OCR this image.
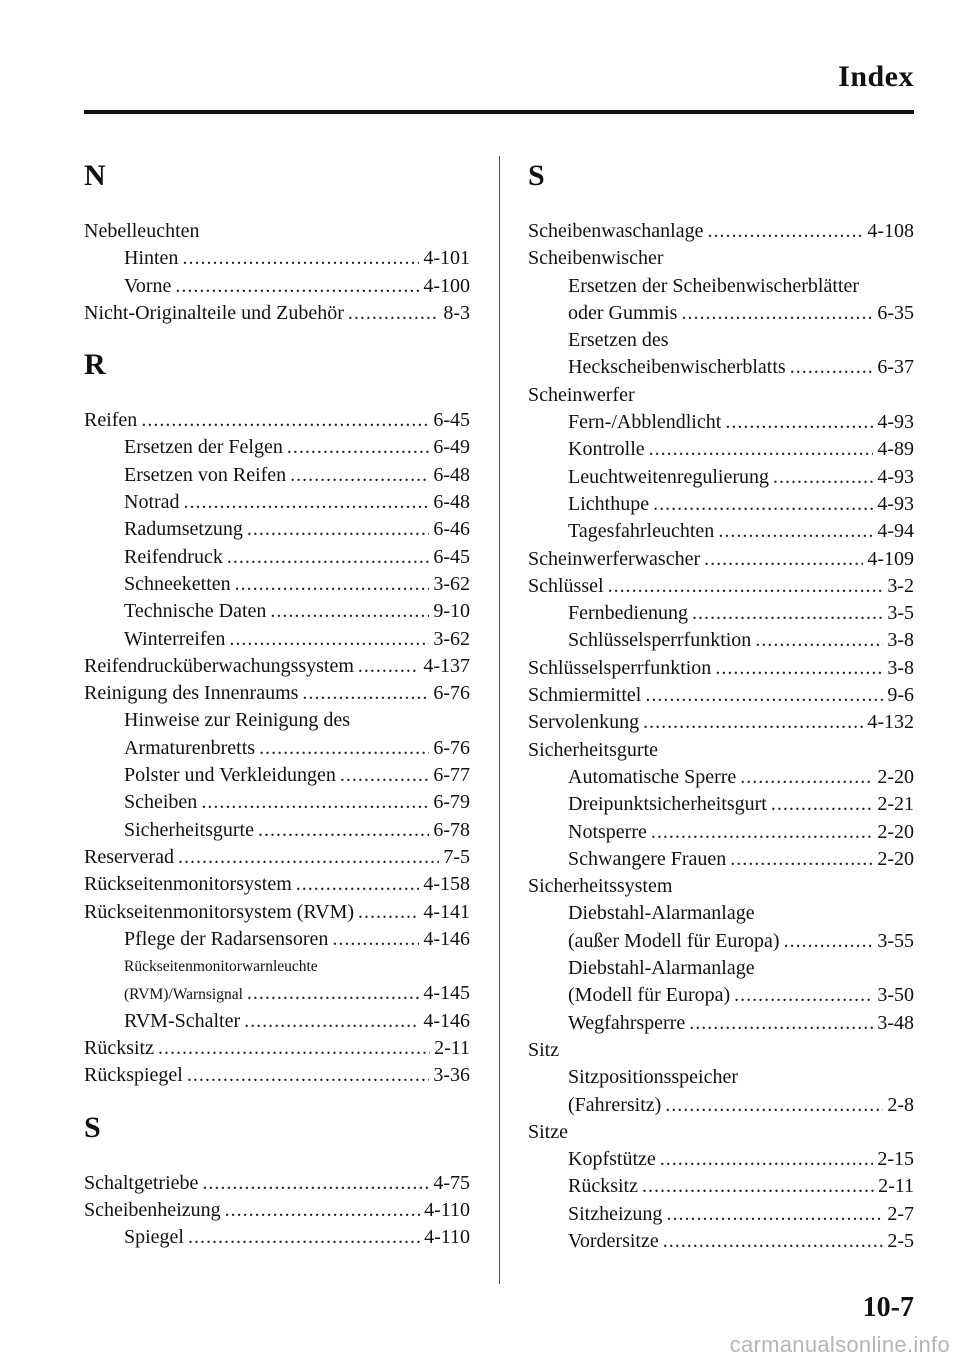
Index
N
Nebelleuchten
Hinten .....	4-101
Vorne .....	4-100
Nicht-Originalteile und Zubehör .....	8-3
R
Reifen .....	6-45
Ersetzen der Felgen .....	6-49
Ersetzen von Reifen .....	6-48
Notrad .....	6-48
Radumsetzung .....	6-46
Reifendruck .....	6-45
Schneeketten .....	3-62
Technische Daten .....	9-10
Winterreifen .....	3-62
Reifendrucküberwachungssystem .....	4-137
Reinigung des Innenraums .....	6-76
Hinweise zur Reinigung des
Armaturenbretts .....	6-76
Polster und Verkleidungen .....	6-77
Scheiben .....	6-79
Sicherheitsgurte .....	6-78
Reserverad .....	7-5
Rückseitenmonitorsystem .....	4-158
Rückseitenmonitorsystem (RVM) .....	4-141
Pflege der Radarsensoren .....	4-146
Rückseitenmonitorwarnleuchte
(RVM)/Warnsignal .....	4-145
RVM-Schalter .....	4-146
Rücksitz .....	2-11
Rückspiegel .....	3-36
S
Schaltgetriebe .....	4-75
Scheibenheizung .....	4-110
Spiegel .....	4-110
S
Scheibenwaschanlage .....	4-108
Scheibenwischer
Ersetzen der Scheibenwischerblätter
oder Gummis .....	6-35
Ersetzen des
Heckscheibenwischerblatts .....	6-37
Scheinwerfer
Fern-/Abblendlicht .....	4-93
Kontrolle .....	4-89
Leuchtweitenregulierung .....	4-93
Lichthupe .....	4-93
Tagesfahrleuchten .....	4-94
Scheinwerferwascher .....	4-109
Schlüssel .....	3-2
Fernbedienung .....	3-5
Schlüsselsperrfunktion .....	3-8
Schlüsselsperrfunktion .....	3-8
Schmiermittel .....	9-6
Servolenkung .....	4-132
Sicherheitsgurte
Automatische Sperre .....	2-20
Dreipunktsicherheitsgurt .....	2-21
Notsperre .....	2-20
Schwangere Frauen .....	2-20
Sicherheitssystem
Diebstahl-Alarmanlage
(außer Modell für Europa) .....	3-55
Diebstahl-Alarmanlage
(Modell für Europa) .....	3-50
Wegfahrsperre .....	3-48
Sitz
Sitzpositionsspeicher
(Fahrersitz) .....	2-8
Sitze
Kopfstütze .....	2-15
Rücksitz .....	2-11
Sitzheizung .....	2-7
Vordersitze .....	2-5
10-7
carmanualsonline.info
